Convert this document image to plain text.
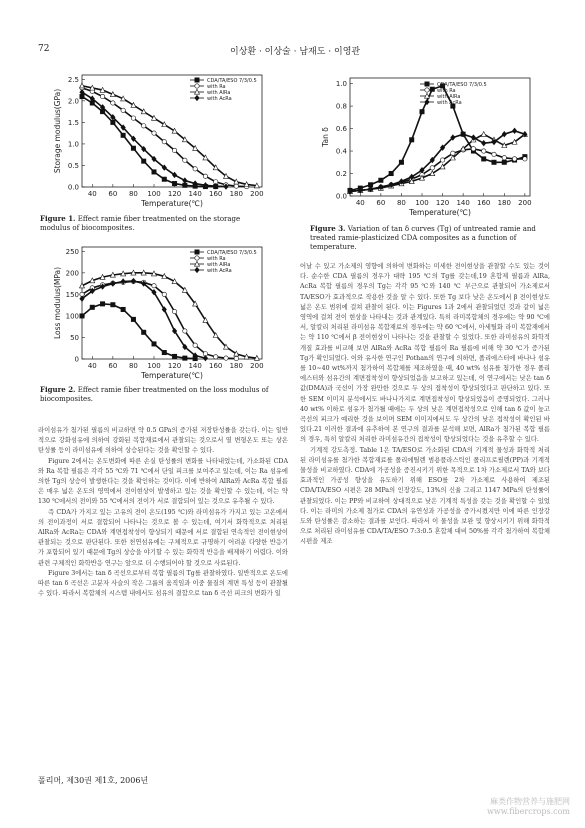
72	이상환 · 이상술 · 남재도 · 이영관
40 60 80 100 120 140 160 180 200
0.0
0.5
1.0
1.5
2.0
2.5
Temperature(℃)
Storage modulus(GPa)
CDA/TA/ESO 7/3/0.5
with Ra
with AlRa
with AcRa
Figure 1. Effect ramie fiber treatmented on the storage modulus of biocomposites.
40 60 80 100 120 140 160 180 200
0
50
100
150
200
250
Temperature(℃)
Loss modulus(MPa)
CDA/TA/ESO 7/3/0.5
with Ra
with AlRa
with AcRa
Figure 2. Effect ramie fiber treatmented on the loss modulus of biocomposites.
40 60 80 100 120 140 160 180 200
0.0
0.2
0.4
0.6
0.8
1.0
Temperature(℃)
Tan δ
CDA/TA/ESO 7/3/0.5
with Ra
with AlRa
with AcRa
Figure 3. Variation of tan δ curves (Tg) of untreated ramie and treated ramie-plasticized CDA composites as a function of temperature.

라이섬유가 첨가된 필름의 비교하면 약 0.5 GPa의 증가된 저장탄성률을 갖는다. 이는 일반적으로 강화섬유에 의하여 강화된 복합재료에서 관찰되는 것으로서 열 변형온도 또는 상온 탄성률 등이 라미섬유에 의하여 상승된다는 것을 확인할 수 있다.

Figure 2에서는 온도변화에 따른 손실 탄성률의 변화를 나타내었는데, 가소화된 CDA와 Ra 복합 필름은 각각 55 ℃와 71 ℃에서 단일 피크를 보여주고 있는데, 이는 Ra 섬유에 의한 Tg의 상승이 발생한다는 것을 확인하는 것이다. 이에 반하여 AlRa와 AcRa 복합 필름은 매우 넓은 온도의 영역에서 전이현상이 발생하고 있는 것을 확인할 수 있는데, 이는 약 130 ℃에서의 전이와 55 ℃에서의 전이가 서로 결합되어 있는 것으로 유추될 수 있다.

즉 CDA가 가지고 있는 고유의 전이 온도(195 ℃)와 라미섬유가 가지고 있는 고온에서의 전이과정이 서로 결합되어 나타나는 것으로 볼 수 있는데, 여기서 화학적으로 처리된 AlRa와 AcRa는 CDA와 계면접착성이 향상되기 때문에 서로 결합된 연속적인 전이현상이 관찰되는 것으로 판단된다. 또한 천연섬유에는 구체적으로 규명하기 어려운 다양한 반응기가 포함되어 있기 때문에 Tg의 상승을 야기할 수 있는 화학적 반응을 배제하기 어렵다. 이와 관련 구체적인 화학반응 연구는 앞으로 더 수행되어야 할 것으로 사료된다.

Figure 3에서는 tan δ 곡선으로부터 복합 필름의 Tg를 관찰하였다. 일반적으로 온도에 따른 tan δ 곡선은 고분자 사슬의 작은 그룹의 움직임과 이중 물질의 계면 특성 등이 관찰될 수 있다. 따라서 복합체의 시스템 내에서도 섬유의 결합으로 tan δ 곡선 피크의 변화가 일

어날 수 있고 가소제의 영향에 의하여 변화하는 미세한 전이현상을 관찰할 수도 있는 것이다. 순수한 CDA 필름의 경우가 대략 195 ℃의 Tg를 갖는데,19 혼합제 필름과 AlRa, AcRa 복합 필름의 경우의 Tg는 각각 95 ℃와 140 ℃ 부근으로 관찰되어 가소제로서 TA/ESO가 효과적으로 작용한 것을 알 수 있다. 또한 Tg 보다 낮은 온도에서 β 전이현상도 넓은 온도 범위에 걸쳐 관찰이 된다. 이는 Figures 1과 2에서 관찰되었던 것과 같이 넓은 영역에 걸쳐 전이 현상을 나타내는 것과 관계있다. 특히 라미복합체의 경우에는 약 90 ℃에서, 알칼리 처리된 라미섬유 복합재료의 경우에는 약 60 ℃에서, 아세틸화 라미 복합재에서는 약 110 ℃에서 β 전이현상이 나타나는 것을 관찰할 수 있었다. 또한 라미섬유의 화학적 개질 효과를 비교해 보면 AlRa와 AcRa 복합 필름이 Ra 필름에 비해 약 30 ℃가 증가된 Tg가 확인되었다. 이와 유사한 연구인 Pothan의 연구에 의하면, 폴리에스터에 바나나 섬유를 10∼40 wt%까지 첨가하여 복합체를 제조하였을 때, 40 wt% 섬유를 첨가한 경우 폴리에스터와 섬유간의 계면접착성이 향상되었음을 보고하고 있는데, 이 연구에서는 낮은 tan δ 값(DMA)과 국선이 가장 완만한 것으로 두 상의 접착성이 향상되었다고 판단하고 있다. 또한 SEM 이미지 분석에서도 바나나가지로 계면접착성이 향상되었음이 증명되었다. 그러나 40 wt% 이하로 섬유가 첨가될 때에는 두 상의 낮은 계면접착성으로 인해 tan δ 값이 높고 곡선의 피크가 예리한 것을 보이며 SEM 이미지에서도 두 상간의 낮은 접착성이 확인된 바 있다.21 이러한 결과에 유추하여 본 연구의 결과를 분석해 보면, AlRa가 첨가된 복합 필름의 경우, 특히 알칼리 처리한 라미섬유간의 접착성이 향상되었다는 것을 유추할 수 있다.

기계적 강도측정. Table 1은 TA/ESO로 가소화된 CDA의 기계적 물성과 화학적 처리된 라미섬유를 첨가한 복합재료를 폴리에틸렌 범용플라스틱인 폴리프로필렌(PP)과 기계적 물성을 비교하였다. CDA에 가공성을 증진시키기 위한 목적으로 1차 가소제로서 TA와 보다 효과적인 가공성 향상을 유도하기 위해 ESO를 2차 가소제로 사용하여 제조된 CDA/TA/ESO 시편은 28 MPa의 인장강도, 13%의 신율 그리고 1147 MPa의 탄성률이 관찰되었다. 이는 PP와 비교하여 상대적으로 낮은 기계적 특성을 갖는 것을 확인할 수 있었다. 이는 라미의 가소제 첨가로 CDA의 유연성과 가공성을 증가시켰지만 이에 따른 인장강도와 탄성률은 감소하는 결과를 보인다. 따라서 이 물성을 보완 및 향상시키기 위해 화학적으로 처리된 라미섬유를 CDA/TA/ESO 7:3:0.5 혼합체 대비 50%를 각각 첨가하여 복합체 시편을 제조

폴리머, 제30권 제1호, 2006년
麻类作物营养与施肥网
www.fibercrops.com
